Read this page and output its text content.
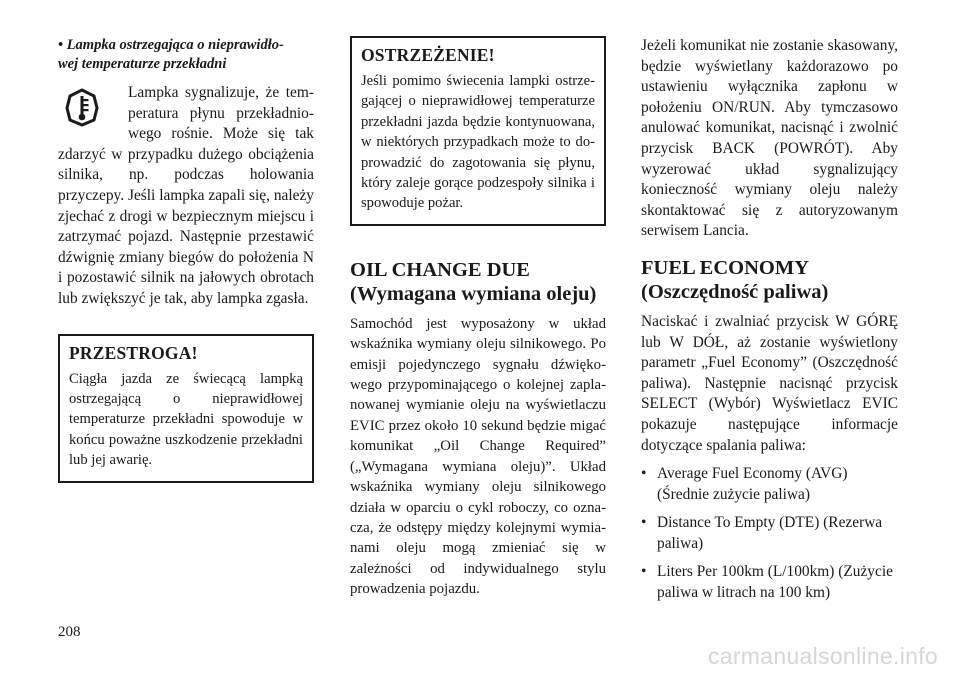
• Lampka ostrzegająca o nieprawidło-
wej temperaturze przekładni

Lampka sygnalizuje, że temperatura płynu przekładniowego rośnie. Może się tak zdarzyć w przypadku dużego obciążenia silnika, np. podczas holowania przyczepy. Jeśli lampka zapali się, należy zjechać z drogi w bezpiecznym miejscu i zatrzymać pojazd. Następnie przestawić dźwignię zmiany biegów do położenia N i pozostawić silnik na jałowych obrotach lub zwiększyć je tak, aby lampka zgasła.

PRZESTROGA!

Ciągła jazda ze świecącą lampką ostrzegającą o nieprawidłowej temperaturze przekładni spowoduje w końcu poważne uszkodzenie przekładni lub jej awarię.

OSTRZEŻENIE!

Jeśli pomimo świecenia lampki ostrzegającej o nieprawidłowej temperaturze przekładni jazda będzie kontynuowana, w niektórych przypadkach może to doprowadzić do zagotowania się płynu, który zaleje gorące podzespoły silnika i spowoduje pożar.

OIL CHANGE DUE
(Wymagana wymiana oleju)

Samochód jest wyposażony w układ wskaźnika wymiany oleju silnikowego. Po emisji pojedynczego sygnału dźwiękowego przypominającego o kolejnej zaplanowanej wymianie oleju na wyświetlaczu EVIC przez około 10 sekund będzie migać komunikat „Oil Change Required” („Wymagana wymiana oleju)”. Układ wskaźnika wymiany oleju silnikowego działa w oparciu o cykl roboczy, co oznacza, że odstępy między kolejnymi wymianami oleju mogą zmieniać się w zależności od indywidualnego stylu prowadzenia pojazdu.

Jeżeli komunikat nie zostanie skasowany, będzie wyświetlany każdorazowo po ustawieniu wyłącznika zapłonu w położeniu ON/RUN. Aby tymczasowo anulować komunikat, nacisnąć i zwolnić przycisk BACK (POWRÓT). Aby wyzerować układ sygnalizujący konieczność wymiany oleju należy skontaktować się z autoryzowanym serwisem Lancia.

FUEL ECONOMY
(Oszczędność paliwa)

Naciskać i zwalniać przycisk W GÓRĘ lub W DÓŁ, aż zostanie wyświetlony parametr „Fuel Economy” (Oszczędność paliwa). Następnie nacisnąć przycisk SELECT (Wybór) Wyświetlacz EVIC pokazuje następujące informacje dotyczące spalania paliwa:

• Average Fuel Economy (AVG) (Średnie zużycie paliwa)
• Distance To Empty (DTE) (Rezerwa paliwa)
• Liters Per 100km (L/100km) (Zużycie paliwa w litrach na 100 km)
208
carmanualsonline.info
